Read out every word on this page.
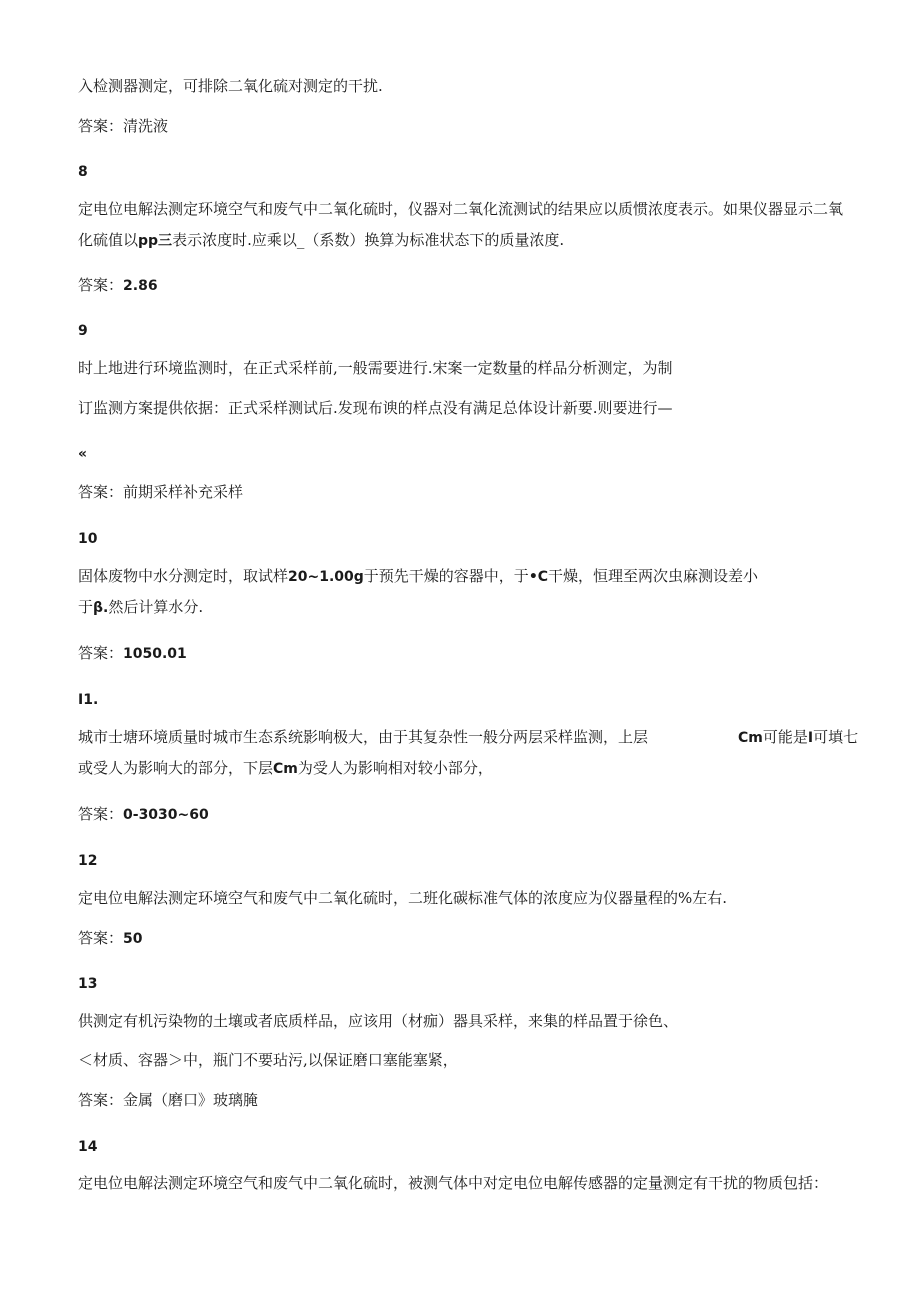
入检测器测定，可排除二氧化硫对测定的干扰.
答案：清洗液
8
定电位电解法测定环境空气和废气中二氧化硫时，仪器对二氧化流测试的结果应以质惯浓度表示。如果仪器显示二氧
化硫值以pp三表示浓度时.应乘以_（系数）换算为标准状态下的质量浓度.
答案：2.86
9
时上地进行环境监测时，在正式采样前,一般需要进行.宋案一定数量的样品分析测定，为制
订监测方案提供依据：正式采样测试后.发现布谀的样点没有满足总体设计新要.则要进行—
«
答案：前期采样补充采样
10
固体废物中水分测定时，取试样20~1.00g于预先干燥的容器中，于•C干燥，恒理至两次虫麻测设差小
于β.然后计算水分.
答案：1050.01
I1.
城市士塘环境质量时城市生态系统影响极大，由于其复杂性一般分两层采样监测，上层	Cm可能是I可填七
或受人为影响大的部分，下层Cm为受人为影响相对较小部分，
答案：0-3030~60
12
定电位电解法测定环境空气和废气中二氧化硫时，二班化碳标准气体的浓度应为仪器量程的%左右.
答案：50
13
供测定有机污染物的土壤或者底质样品，应该用（材痂）器具采样，来集的样品置于徐色、
＜材质、容器＞中，瓶门不要玷污,以保证磨口塞能塞紧，
答案：金属（磨口》玻璃腌
14
定电位电解法测定环境空气和废气中二氧化硫时，被测气体中对定电位电解传感器的定量测定有干扰的物质包括：
